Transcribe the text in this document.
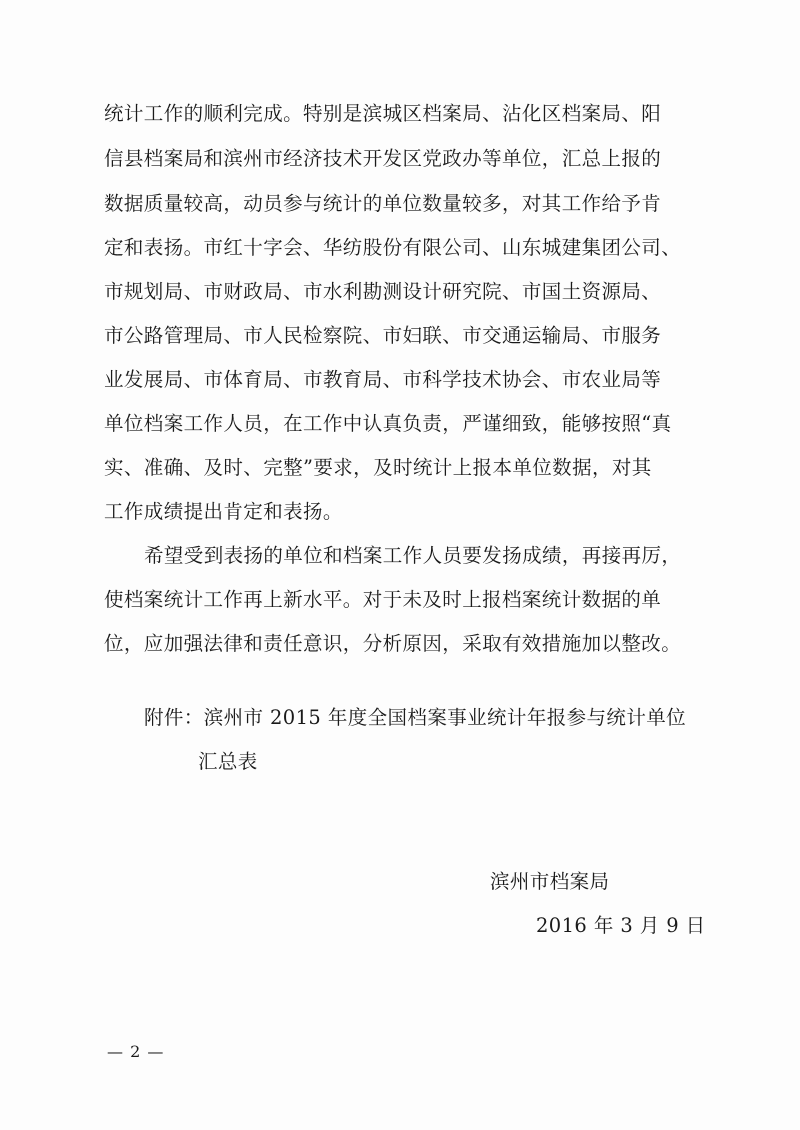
统计工作的顺利完成。特别是滨城区档案局、沾化区档案局、阳
信县档案局和滨州市经济技术开发区党政办等单位，汇总上报的
数据质量较高，动员参与统计的单位数量较多，对其工作给予肯
定和表扬。市红十字会、华纺股份有限公司、山东城建集团公司、
市规划局、市财政局、市水利勘测设计研究院、市国土资源局、
市公路管理局、市人民检察院、市妇联、市交通运输局、市服务
业发展局、市体育局、市教育局、市科学技术协会、市农业局等
单位档案工作人员，在工作中认真负责，严谨细致，能够按照“真
实、准确、及时、完整”要求，及时统计上报本单位数据，对其
工作成绩提出肯定和表扬。
希望受到表扬的单位和档案工作人员要发扬成绩，再接再厉，
使档案统计工作再上新水平。对于未及时上报档案统计数据的单
位，应加强法律和责任意识，分析原因，采取有效措施加以整改。
附件：滨州市 2015 年度全国档案事业统计年报参与统计单位
汇总表
滨州市档案局
2016 年 3 月 9 日
— 2 —
